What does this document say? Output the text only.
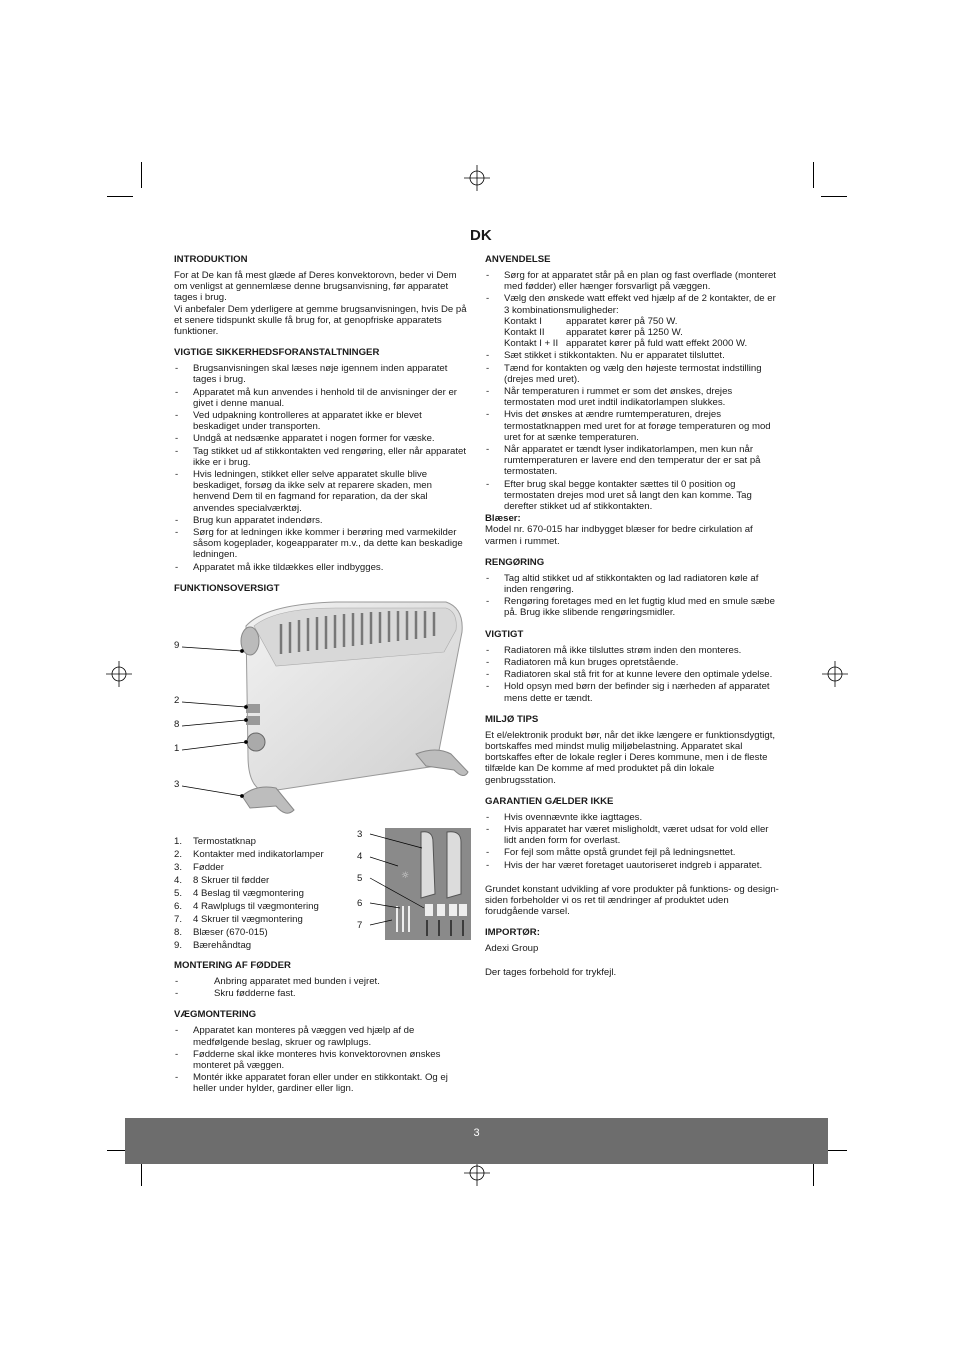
DK
INTRODUKTION

For at De kan få mest glæde af Deres konvektorovn, beder vi Dem om venligst at gennemlæse denne brugsanvisning, før apparatet tages i brug.

Vi anbefaler Dem yderligere at gemme brugsanvisningen, hvis De på et senere tidspunkt skulle få brug for, at genopfriske apparatets funktioner.

VIGTIGE SIKKERHEDSFORANSTALTNINGER
- Brugsanvisningen skal læses nøje igennem inden apparatet tages i brug.
- Apparatet må kun anvendes i henhold til de anvisninger der er givet i denne manual.
- Ved udpakning kontrolleres at apparatet ikke er blevet beskadiget under transporten.
- Undgå at nedsænke apparatet i nogen former for væske.
- Tag stikket ud af stikkontakten ved rengøring, eller når apparatet ikke er i brug.
- Hvis ledningen, stikket eller selve apparatet skulle blive beskadiget, forsøg da ikke selv at reparere skaden, men henvend Dem til en fagmand for reparation, da der skal anvendes specialværktøj.
- Brug kun apparatet indendørs.
- Sørg for at ledningen ikke kommer i berøring med varmekilder såsom kogeplader, kogeapparater m.v., da dette kan beskadige ledningen.
- Apparatet må ikke tildækkes eller indbygges.
FUNKTIONSOVERSIGT
9
2
8
1
3
1. Termostatknap
2. Kontakter med indikatorlamper
3. Fødder
4. 8 Skruer til fødder
5. 4 Beslag til vægmontering
6. 4 Rawlplugs til vægmontering
7. 4 Skruer til vægmontering
8. Blæser (670-015)
9. Bærehåndtag
☼
3
4
5
6
7
MONTERING AF FØDDER
- Anbring apparatet med bunden i vejret.
- Skru fødderne fast.
VÆGMONTERING
- Apparatet kan monteres på væggen ved hjælp af de medfølgende beslag, skruer og rawlplugs.
- Fødderne skal ikke monteres hvis konvektorovnen ønskes monteret på væggen.
- Montér ikke apparatet foran eller under en stikkontakt. Og ej heller under hylder, gardiner eller lign.
ANVENDELSE
- Sørg for at apparatet står på en plan og fast overflade (monteret med fødder) eller hænger forsvarligt på væggen.
- Vælg den ønskede watt effekt ved hjælp af de 2 kontakter, de er 3 kombinationsmuligheder:
Kontakt I	apparatet kører på 750 W.
Kontakt II	apparatet kører på 1250 W.
Kontakt I + II apparatet kører på fuld watt effekt 2000 W.
- Sæt stikket i stikkontakten. Nu er apparatet tilsluttet.
- Tænd for kontakten og vælg den højeste termostat indstilling (drejes med uret).
- Når temperaturen i rummet er som det ønskes, drejes termostaten mod uret indtil indikatorlampen slukkes.
- Hvis det ønskes at ændre rumtemperaturen, drejes termostatknappen med uret for at forøge temperaturen og mod uret for at sænke temperaturen.
- Når apparatet er tændt lyser indikatorlampen, men kun når rumtemperaturen er lavere end den temperatur der er sat på termostaten.
- Efter brug skal begge kontakter sættes til 0 position og termostaten drejes mod uret så langt den kan komme. Tag derefter stikket ud af stikkontakten.

Blæser:

Model nr. 670-015 har indbygget blæser for bedre cirkulation af varmen i rummet.

RENGØRING
- Tag altid stikket ud af stikkontakten og lad radiatoren køle af inden rengøring.
- Rengøring foretages med en let fugtig klud med en smule sæbe på. Brug ikke slibende rengøringsmidler.
VIGTIGT
- Radiatoren må ikke tilsluttes strøm inden den monteres.
- Radiatoren må kun bruges opretstående.
- Radiatoren skal stå frit for at kunne levere den optimale ydelse.
- Hold opsyn med børn der befinder sig i nærheden af apparatet mens dette er tændt.
MILJØ TIPS

Et el/elektronik produkt bør, når det ikke længere er funktionsdygtigt, bortskaffes med mindst mulig miljøbelastning. Apparatet skal bortskaffes efter de lokale regler i Deres kommune, men i de fleste tilfælde kan De komme af med produktet på din lokale genbrugsstation.

GARANTIEN GÆLDER IKKE
- Hvis ovennævnte ikke iagttages.
- Hvis apparatet har været misligholdt, været udsat for vold eller lidt anden form for overlast.
- For fejl som måtte opstå grundet fejl på ledningsnettet.
- Hvis der har været foretaget uautoriseret indgreb i apparatet.

Grundet konstant udvikling af vore produkter på funktions- og design-siden forbeholder vi os ret til ændringer af produktet uden forudgående varsel.

IMPORTØR:

Adexi Group

Der tages forbehold for trykfejl.

3
